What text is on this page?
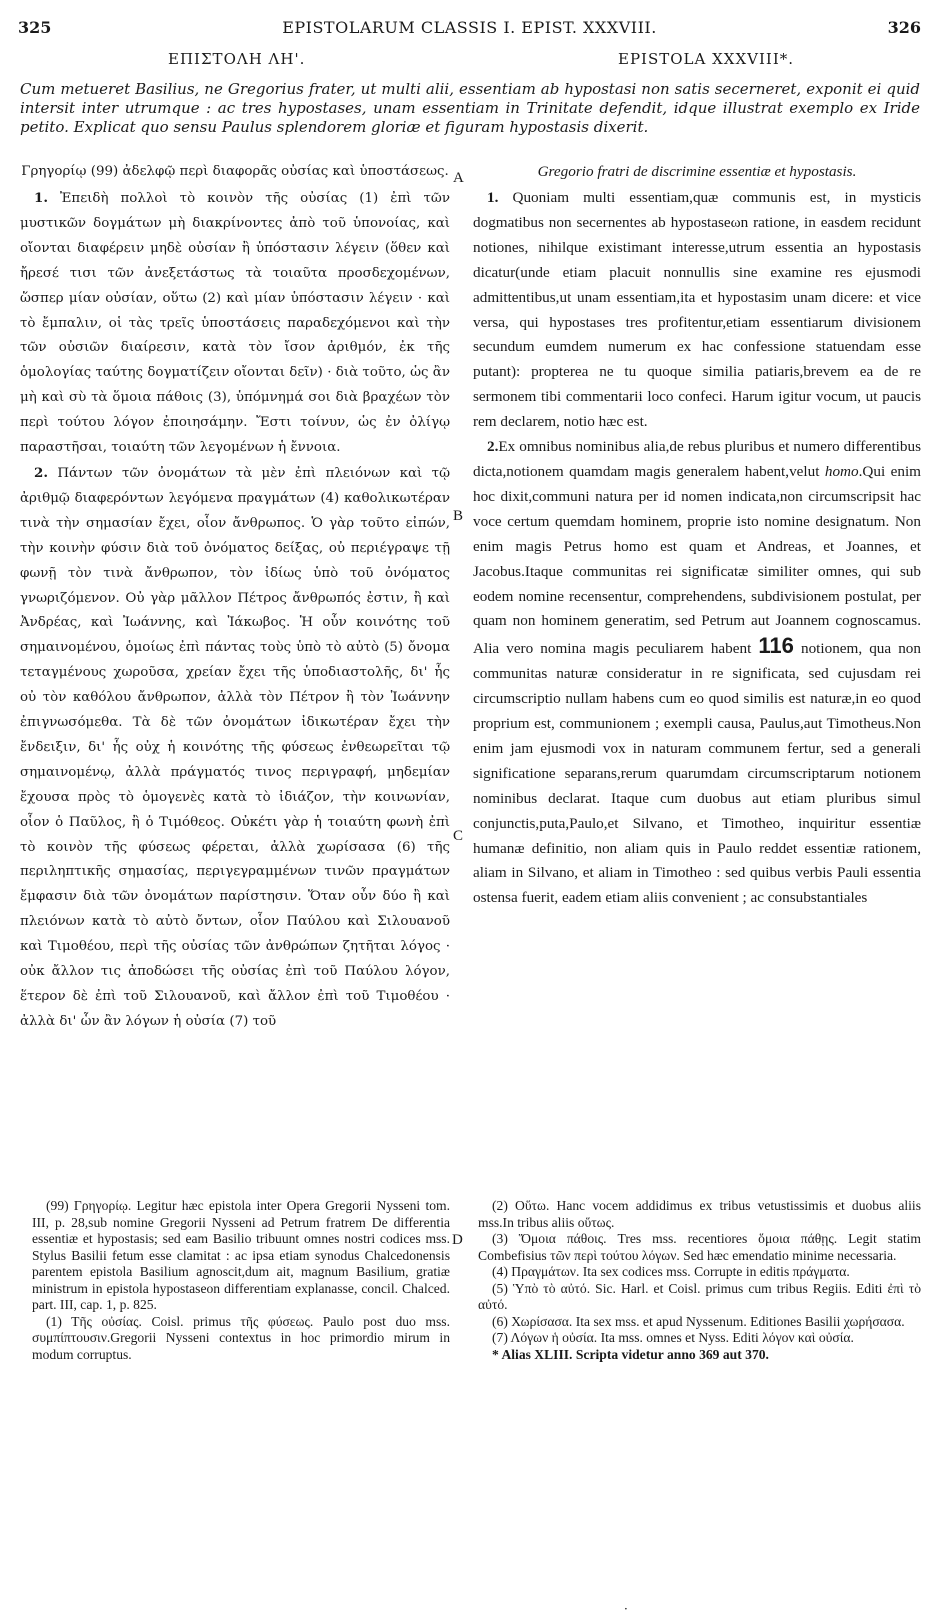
325	EPISTOLARUM CLASSIS I. EPIST. XXXVIII.	326
ΕΠΙΣΤΟΛΗ ΛΗ'.	EPISTOLA XXXVIII*.
Cum metueret Basilius, ne Gregorius frater, ut multi alii, essentiam ab hypostasi non satis secerneret, exponit ei quid intersit inter utrumque : ac tres hypostases, unam essentiam in Trinitate defendit, idque illustrat exemplo ex Iride petito. Explicat quo sensu Paulus splendorem gloriæ et figuram hypostasis dixerit.
Γρηγορίῳ (99) ἀδελφῷ περὶ διαφορᾶς οὐσίας καὶ ὑποστάσεως.

1. Ἐπειδὴ πολλοὶ τὸ κοινὸν τῆς οὐσίας (1) ἐπὶ τῶν μυστικῶν δογμάτων μὴ διακρίνοντες ἀπὸ τοῦ ὑπονοίας, καὶ οἴονται διαφέρειν μηδὲ οὐσίαν ἢ ὑπόστασιν λέγειν (ὅθεν καὶ ἤρεσέ τισι τῶν ἀνεξετάστως τὰ τοιαῦτα προσδεχομένων, ὥσπερ μίαν οὐσίαν, οὕτω (2) καὶ μίαν ὑπόστασιν λέγειν · καὶ τὸ ἔμπαλιν, οἱ τὰς τρεῖς ὑποστάσεις παραδεχόμενοι καὶ τὴν τῶν οὐσιῶν διαίρεσιν, κατὰ τὸν ἴσον ἀριθμόν, ἐκ τῆς ὁμολογίας ταύτης δογματίζειν οἴονται δεῖν) · διὰ τοῦτο, ὡς ἂν μὴ καὶ σὺ τὰ ὅμοια πάθοις (3), ὑπόμνημά σοι διὰ βραχέων τὸν περὶ τούτου λόγον ἐποιησάμην. Ἔστι τοίνυν, ὡς ἐν ὀλίγῳ παραστῆσαι, τοιαύτη τῶν λεγομένων ἡ ἔννοια.

2. Πάντων τῶν ὀνομάτων τὰ μὲν ἐπὶ πλειόνων καὶ τῷ ἀριθμῷ διαφερόντων λεγόμενα πραγμάτων (4) καθολικωτέραν τινὰ τὴν σημασίαν ἔχει, οἷον ἄνθρωπος. Ὁ γὰρ τοῦτο εἰπών, τὴν κοινὴν φύσιν διὰ τοῦ ὀνόματος δείξας, οὐ περιέγραψε τῇ φωνῇ τὸν τινὰ ἄνθρωπον, τὸν ἰδίως ὑπὸ τοῦ ὀνόματος γνωριζόμενον. Οὐ γὰρ μᾶλλον Πέτρος ἄνθρωπός ἐστιν, ἢ καὶ Ἀνδρέας, καὶ Ἰωάννης, καὶ Ἰάκωβος. Ἡ οὖν κοινότης τοῦ σημαινομένου, ὁμοίως ἐπὶ πάντας τοὺς ὑπὸ τὸ αὐτὸ (5) ὄνομα τεταγμένους χωροῦσα, χρείαν ἔχει τῆς ὑποδιαστολῆς, δι' ἧς οὐ τὸν καθόλου ἄνθρωπον, ἀλλὰ τὸν Πέτρον ἢ τὸν Ἰωάννην ἐπιγνωσόμεθα. Τὰ δὲ τῶν ὀνομάτων ἰδικωτέραν ἔχει τὴν ἔνδειξιν, δι' ἧς οὐχ ἡ κοινότης τῆς φύσεως ἐνθεωρεῖται τῷ σημαινομένῳ, ἀλλὰ πράγματός τινος περιγραφή, μηδεμίαν ἔχουσα πρὸς τὸ ὁμογενὲς κατὰ τὸ ἰδιάζον, τὴν κοινωνίαν, οἷον ὁ Παῦλος, ἢ ὁ Τιμόθεος. Οὐκέτι γὰρ ἡ τοιαύτη φωνὴ ἐπὶ τὸ κοινὸν τῆς φύσεως φέρεται, ἀλλὰ χωρίσασα (6) τῆς περιληπτικῆς σημασίας, περιγεγραμμένων τινῶν πραγμάτων ἔμφασιν διὰ τῶν ὀνομάτων παρίστησιν. Ὅταν οὖν δύο ἢ καὶ πλειόνων κατὰ τὸ αὐτὸ ὄντων, οἷον Παύλου καὶ Σιλουανοῦ καὶ Τιμοθέου, περὶ τῆς οὐσίας τῶν ἀνθρώπων ζητῆται λόγος · οὐκ ἄλλον τις ἀποδώσει τῆς οὐσίας ἐπὶ τοῦ Παύλου λόγον, ἕτερον δὲ ἐπὶ τοῦ Σιλουανοῦ, καὶ ἄλλον ἐπὶ τοῦ Τιμοθέου · ἀλλὰ δι' ὧν ἂν λόγων ἡ οὐσία (7) τοῦ

A
B
C
D
Gregorio fratri de discrimine essentiæ et hypostasis.

1. Quoniam multi essentiam,quæ communis est, in mysticis dogmatibus non secernentes ab hypostaseωn ratione, in easdem recidunt notiones, nihilque existimant interesse,utrum essentia an hypostasis dicatur(unde etiam placuit nonnullis sine examine res ejusmodi admittentibus,ut unam essentiam,ita et hypostasim unam dicere: et vice versa, qui hypostases tres profitentur,etiam essentiarum divisionem secundum eumdem numerum ex hac confessione statuendam esse putant): propterea ne tu quoque similia patiaris,brevem ea de re sermonem tibi commentarii loco confeci. Harum igitur vocum, ut paucis rem declarem, notio hæc est.

2.Ex omnibus nominibus alia,de rebus pluribus et numero differentibus dicta,notionem quamdam magis generalem habent,velut homo.Qui enim hoc dixit,communi natura per id nomen indicata,non circumscripsit hac voce certum quemdam hominem, proprie isto nomine designatum. Non enim magis Petrus homo est quam et Andreas, et Joannes, et Jacobus.Itaque communitas rei significatæ similiter omnes, qui sub eodem nomine recensentur, comprehendens, subdivisionem postulat, per quam non hominem generatim, sed Petrum aut Joannem cognoscamus. Alia vero nomina magis peculiarem habent 116 notionem, qua non communitas naturæ consideratur in re significata, sed cujusdam rei circumscriptio nullam habens cum eo quod similis est naturæ,in eo quod proprium est, communionem ; exempli causa, Paulus,aut Timotheus.Non enim jam ejusmodi vox in naturam communem fertur, sed a generali significatione separans,rerum quarumdam circumscriptarum notionem nominibus declarat. Itaque cum duobus aut etiam pluribus simul conjunctis,puta,Paulo,et Silvano, et Timotheo, inquiritur essentiæ humanæ definitio, non aliam quis in Paulo reddet essentiæ rationem, aliam in Silvano, et aliam in Timotheo : sed quibus verbis Pauli essentia ostensa fuerit, eadem etiam aliis convenient ; ac consubstantiales

(99) Γρηγορίῳ. Legitur hæc epistola inter Opera Gregorii Nysseni tom. III, p. 28,sub nomine Gregorii Nysseni ad Petrum fratrem De differentia essentiæ et hypostasis; sed eam Basilio tribuunt omnes nostri codices mss. Stylus Basilii fetum esse clamitat : ac ipsa etiam synodus Chalcedonensis parentem epistola Basilium agnoscit,dum ait, magnum Basilium, gratiæ ministrum in epistola hypostaseon differentiam explanasse, concil. Chalced. part. III, cap. 1, p. 825.

(1) Τῆς οὐσίας. Coisl. primus τῆς φύσεως. Paulo post duo mss. συμπίπτουσιν.Gregorii Nysseni contextus in hoc primordio mirum in modum corruptus.

(2) Οὕτω. Hanc vocem addidimus ex tribus vetustissimis et duobus aliis mss.In tribus aliis οὕτως.

(3) Ὅμοια πάθοις. Tres mss. recentiores ὅμοια πάθῃς. Legit statim Combefisius τῶν περὶ τούτου λόγων. Sed hæc emendatio minime necessaria.

(4) Πραγμάτων. Ita sex codices mss. Corrupte in editis πράγματα.

(5) Ὑπὸ τὸ αὐτό. Sic. Harl. et Coisl. primus cum tribus Regiis. Editi ἐπὶ τὸ αὐτό.

(6) Χωρίσασα. Ita sex mss. et apud Nyssenum. Editiones Basilii χωρήσασα.

(7) Λόγων ἡ οὐσία. Ita mss. omnes et Nyss. Editi λόγον καὶ οὐσία.

* Alias XLIII. Scripta videtur anno 369 aut 370.

·
